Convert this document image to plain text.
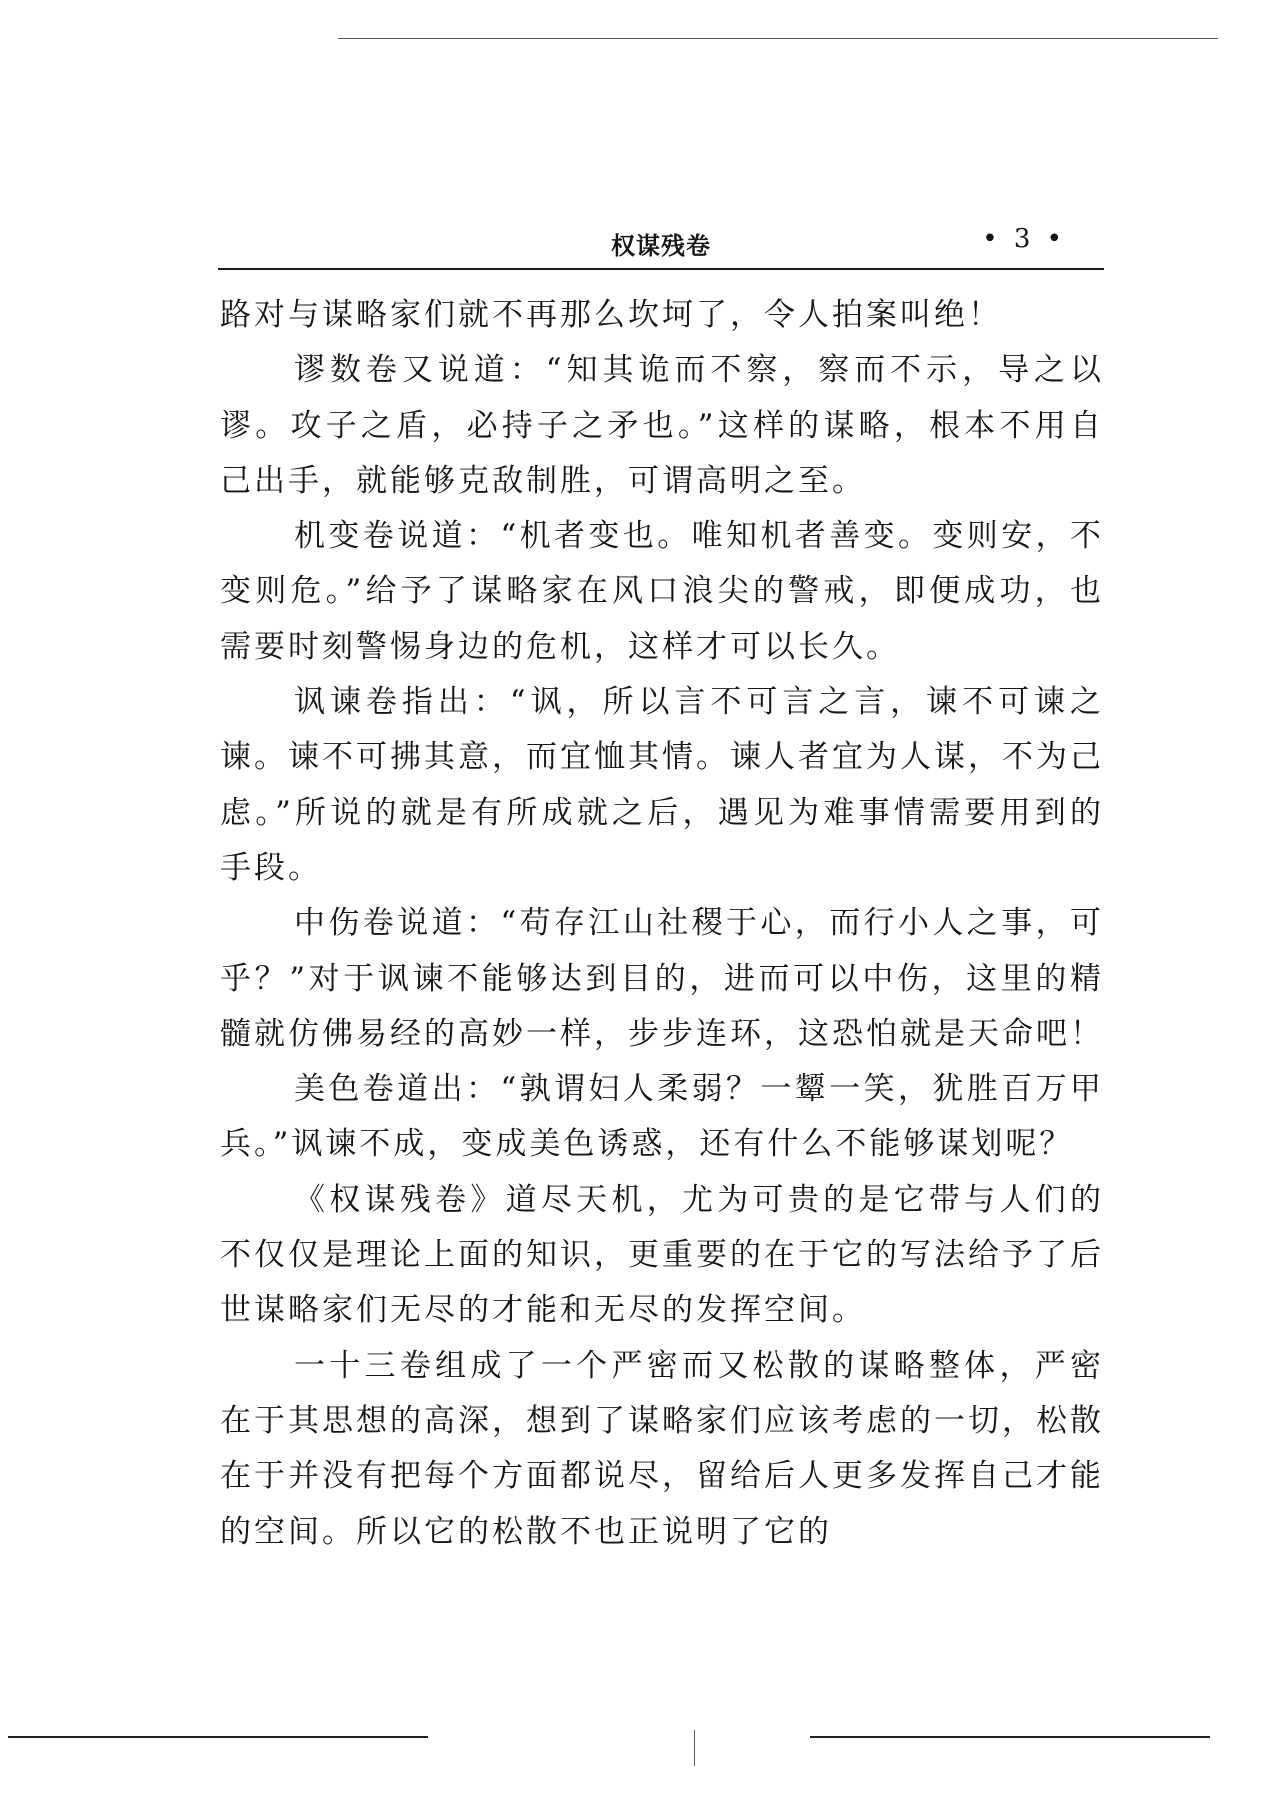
权谋残卷	• 3 •

路对与谋略家们就不再那么坎坷了，令人拍案叫绝！

谬数卷又说道：“知其诡而不察，察而不示，导之以谬。攻子之盾，必持子之矛也。”这样的谋略，根本不用自己出手，就能够克敌制胜，可谓高明之至。

机变卷说道：“机者变也。唯知机者善变。变则安，不变则危。”给予了谋略家在风口浪尖的警戒，即便成功，也需要时刻警惕身边的危机，这样才可以长久。

讽谏卷指出：“讽，所以言不可言之言，谏不可谏之谏。谏不可拂其意，而宜恤其情。谏人者宜为人谋，不为己虑。”所说的就是有所成就之后，遇见为难事情需要用到的手段。

中伤卷说道：“苟存江山社稷于心，而行小人之事，可乎？”对于讽谏不能够达到目的，进而可以中伤，这里的精髓就仿佛易经的高妙一样，步步连环，这恐怕就是天命吧！

美色卷道出：“孰谓妇人柔弱？一颦一笑，犹胜百万甲兵。”讽谏不成，变成美色诱惑，还有什么不能够谋划呢？

《权谋残卷》道尽天机，尤为可贵的是它带与人们的不仅仅是理论上面的知识，更重要的在于它的写法给予了后世谋略家们无尽的才能和无尽的发挥空间。

一十三卷组成了一个严密而又松散的谋略整体，严密在于其思想的高深，想到了谋略家们应该考虑的一切，松散在于并没有把每个方面都说尽，留给后人更多发挥自己才能的空间。所以它的松散不也正说明了它的
